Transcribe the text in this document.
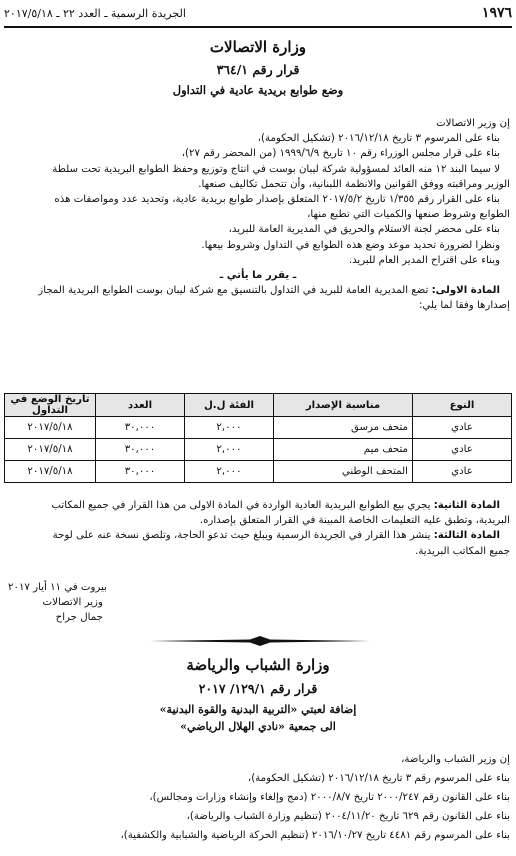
١٩٧٦
الجريدة الرسمية ـ العدد ٢٢ ـ ٢٠١٧/٥/١٨
وزارة الاتصالات
قرار رقم ٣٦٤/١
وضع طوابع بريدية عادية في التداول
إن وزير الاتصالات
بناء على المرسوم ٣ تاريخ ٢٠١٦/١٢/١٨ (تشكيل الحكومة)،
بناء على قرار مجلس الوزراء رقم ١٠ تاريخ ١٩٩٩/٦/٩ (من المحضر رقم ٢٧)،
لا سيما البند ١٢ منه العائد لمسؤولية شركة ليبان بوست في انتاج وتوزيع وحفظ الطوابع البريدية تحت سلطة
الوزير ومراقبته ووفق القوانين والانظمة اللبنانية، وأن تتحمل تكاليف صنعها.
بناء على القرار رقم ١/٣٥٥ تاريخ ٢٠١٧/٥/٢ المتعلق بإصدار طوابع بريدية عادية، وتحديد عدد ومواصفات هذه
الطوابع وشروط صنعها والكميات التي تطبع منها،
بناء على محضر لجنة الاستلام والحريق في المديرية العامة للبريد،
ونظرا لضرورة تحديد موعد وضع هذه الطوابع في التداول وشروط بيعها.
وبناء على اقتراح المدير العام للبريد.
ـ يقرر ما يأتي ـ
المادة الاولى: تضع المديرية العامة للبريد في التداول بالتنسيق مع شركة ليبان بوست الطوابع البريدية المجاز
إصدارها وفقا لما يلي:
النوع	مناسبة الإصدار	الفئة ل.ل	العدد	تاريخ الوضع في التداول
عادي	متحف مرسق	٢,٠٠٠	٣٠,٠٠٠	٢٠١٧/٥/١٨
عادي	متحف ميم	٢,٠٠٠	٣٠,٠٠٠	٢٠١٧/٥/١٨
عادي	المتحف الوطني	٢,٠٠٠	٣٠,٠٠٠	٢٠١٧/٥/١٨
المادة الثانية: يجري بيع الطوابع البريدية العادية الواردة في المادة الاولى من هذا القرار في جميع المكاتب
البريدية، وتطبق عليه التعليمات الخاصة المبينة في القرار المتعلق بإصداره.
المادة الثالثة: ينشر هذا القرار في الجريدة الرسمية ويبلغ حيث تدعو الحاجة، وتلصق نسخة عنه على لوحة
جميع المكاتب البريدية.
بيروت في ١١ أيار ٢٠١٧
وزير الاتصالات
جمال جراح
وزارة الشباب والرياضة
قرار رقم ١٢٩/١/ ٢٠١٧
إضافة لعبتي «التربية البدنية والقوة البدنية»
الى جمعية «نادي الهلال الرياضي»
إن وزير الشباب والرياضة،
بناء على المرسوم رقم ٣ تاريخ ٢٠١٦/١٢/١٨ (تشكيل الحكومة)،
بناء على القانون رقم ٢٠٠٠/٢٤٧ تاريخ ٢٠٠٠/٨/٧ (دمج وإلغاء وإنشاء وزارات ومجالس)،
بناء على القانون رقم ٦٢٩ تاريخ ٢٠٠٤/١١/٢٠ (تنظيم وزارة الشباب والرياضة)،
بناء على المرسوم رقم ٤٤٨١ تاريخ ٢٠١٦/١٠/٢٧ (تنظيم الحركة الرياضية والشبابية والكشفية)،
